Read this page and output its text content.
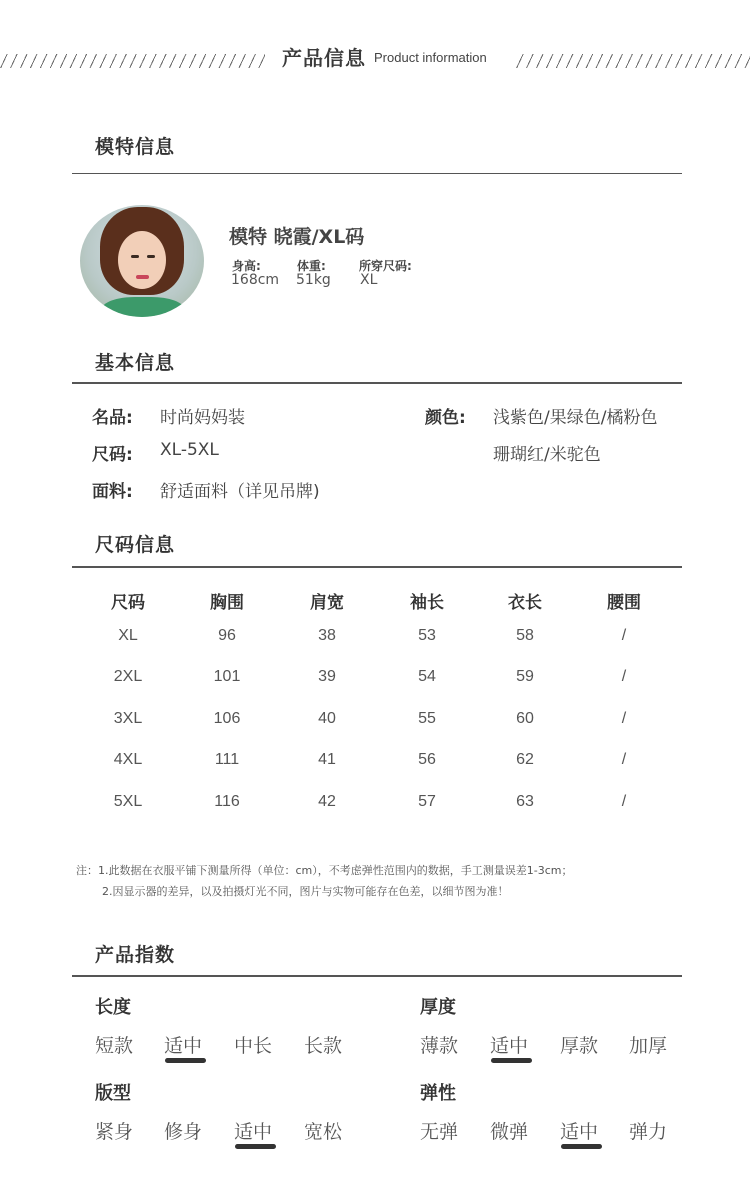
产品信息 Product information
模特信息
模特 晓霞/XL码
身高:
168cm
体重:
51kg
所穿尺码:
XL
基本信息
名品: 时尚妈妈装
尺码: XL-5XL
面料: 舒适面料（详见吊牌)
颜色: 浅紫色/果绿色/橘粉色
珊瑚红/米驼色
尺码信息
尺码	胸围	肩宽	袖长	衣长	腰围
XL	96	38	53	58	/
2XL	101	39	54	59	/
3XL	106	40	55	60	/
4XL	111	41	56	62	/
5XL	116	42	57	63	/
注：1.此数据在衣服平铺下测量所得（单位：cm），不考虑弹性范围内的数据，手工测量误差1-3cm；
2.因显示器的差异，以及拍摄灯光不同，图片与实物可能存在色差，以细节图为准！
产品指数
长度
短款 适中 中长 长款
厚度
薄款 适中 厚款 加厚
版型
紧身 修身 适中 宽松
弹性
无弹 微弹 适中 弹力
